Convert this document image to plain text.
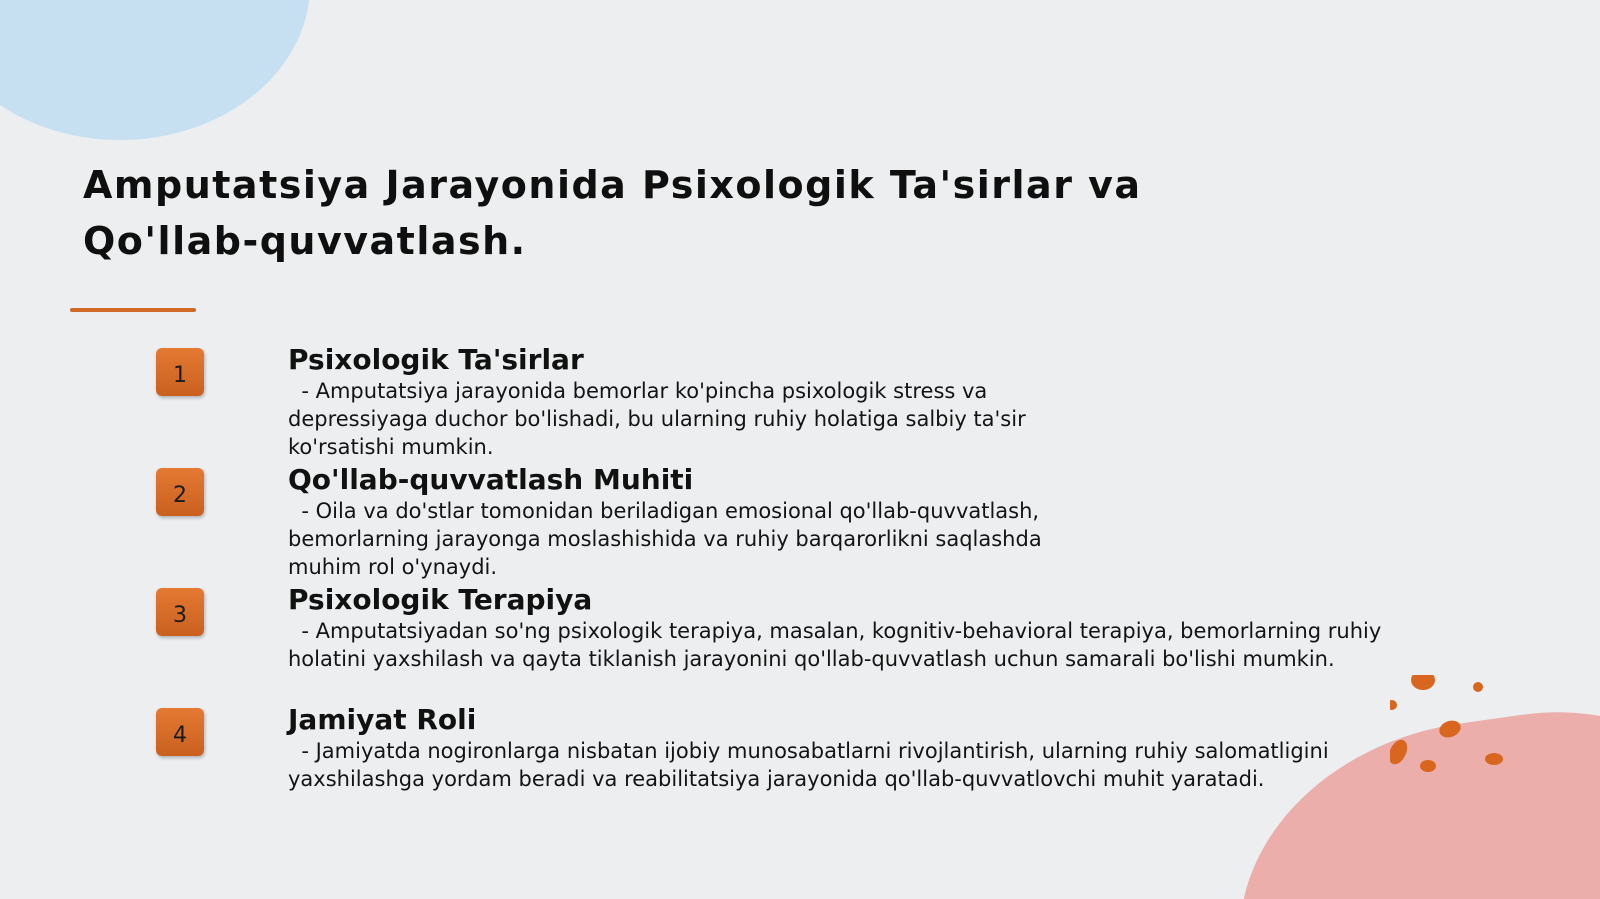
Amputatsiya Jarayonida Psixologik Ta'sirlar va Qo'llab-quvvatlash.
1	Psixologik Ta'sirlar

- Amputatsiya jarayonida bemorlar ko'pincha psixologik stress va
depressiyaga duchor bo'lishadi, bu ularning ruhiy holatiga salbiy ta'sir
ko'rsatishi mumkin.

2	Qo'llab-quvvatlash Muhiti

- Oila va do'stlar tomonidan beriladigan emosional qo'llab-quvvatlash,
bemorlarning jarayonga moslashishida va ruhiy barqarorlikni saqlashda
muhim rol o'ynaydi.

3	Psixologik Terapiya

- Amputatsiyadan so'ng psixologik terapiya, masalan, kognitiv-behavioral terapiya, bemorlarning ruhiy
holatini yaxshilash va qayta tiklanish jarayonini qo'llab-quvvatlash uchun samarali bo'lishi mumkin.

4	Jamiyat Roli

- Jamiyatda nogironlarga nisbatan ijobiy munosabatlarni rivojlantirish, ularning ruhiy salomatligini
yaxshilashga yordam beradi va reabilitatsiya jarayonida qo'llab-quvvatlovchi muhit yaratadi.
